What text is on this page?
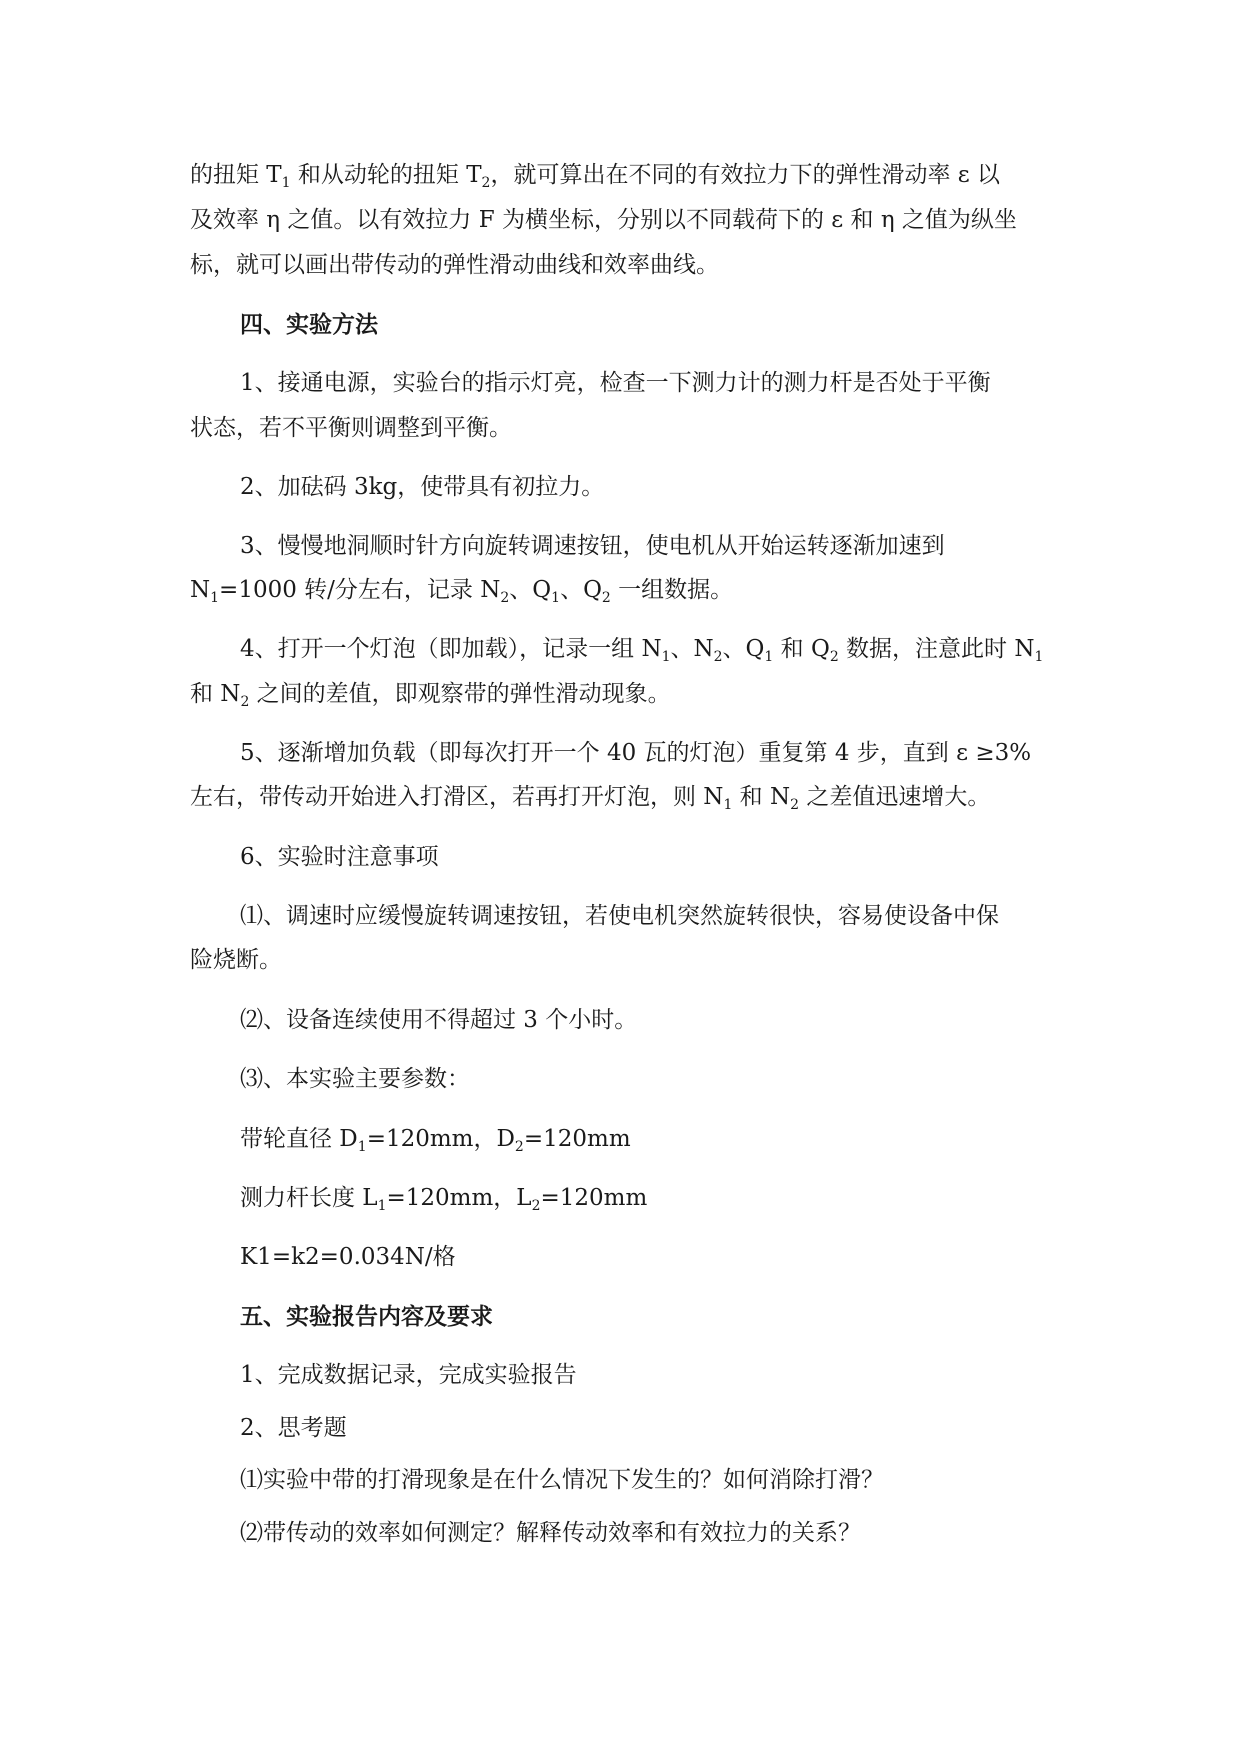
的扭矩 $T_1$ 和从动轮的扭矩 $T_2$，就可算出在不同的有效拉力下的弹性滑动率 ε 以
及效率 η 之值。以有效拉力 F 为横坐标，分别以不同载荷下的 ε 和 η 之值为纵坐
标，就可以画出带传动的弹性滑动曲线和效率曲线。
四、实验方法
1、接通电源，实验台的指示灯亮，检查一下测力计的测力杆是否处于平衡
状态，若不平衡则调整到平衡。
2、加砝码 3kg，使带具有初拉力。
3、慢慢地洞顺时针方向旋转调速按钮，使电机从开始运转逐渐加速到
$N_1=1000$ 转/分左右，记录 $N_2$、$Q_1$、$Q_2$ 一组数据。
4、打开一个灯泡（即加载），记录一组 $N_1$、$N_2$、$Q_1$ 和 $Q_2$ 数据，注意此时 $N_1$
和 $N_2$ 之间的差值，即观察带的弹性滑动现象。
5、逐渐增加负载（即每次打开一个 40 瓦的灯泡）重复第 4 步，直到 ε ≥3%
左右，带传动开始进入打滑区，若再打开灯泡，则 $N_1$ 和 $N_2$ 之差值迅速增大。
6、实验时注意事项
⑴、调速时应缓慢旋转调速按钮，若使电机突然旋转很快，容易使设备中保
险烧断。
⑵、设备连续使用不得超过 3 个小时。
⑶、本实验主要参数：
带轮直径 $D_1=120mm$，$D_2=120mm$
测力杆长度 $L_1=120mm$，$L_2=120mm$
K1=k2=0.034N/格
五、实验报告内容及要求
1、完成数据记录，完成实验报告
2、思考题
⑴实验中带的打滑现象是在什么情况下发生的？如何消除打滑？
⑵带传动的效率如何测定？解释传动效率和有效拉力的关系？
